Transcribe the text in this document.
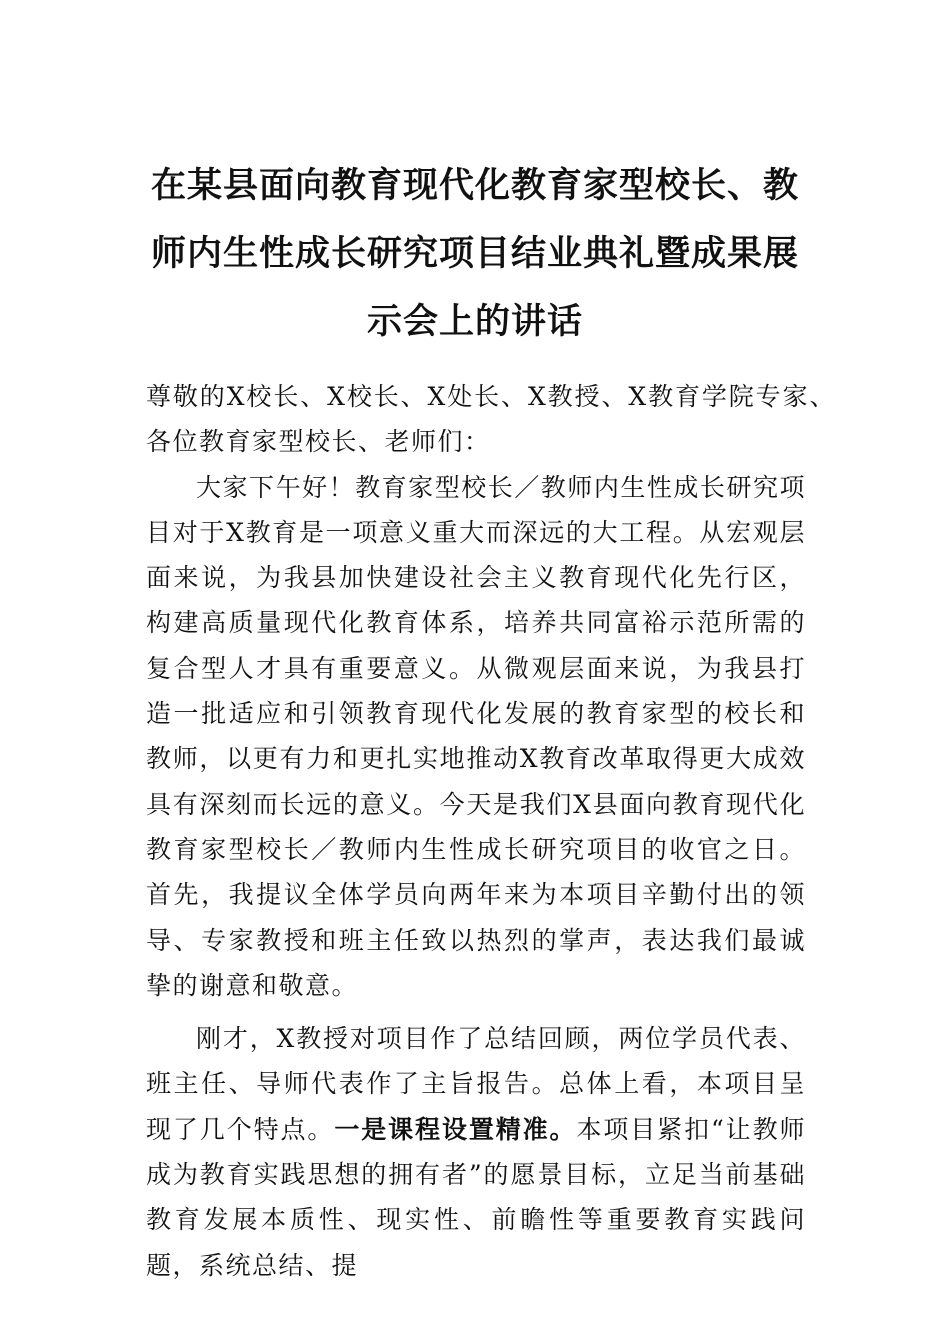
在某县面向教育现代化教育家型校长、教
师内生性成长研究项目结业典礼暨成果展
示会上的讲话

尊敬的X校长、X校长、X处长、X教授、X教育学院专家、各位教育家型校长、老师们：

大家下午好！教育家型校长／教师内生性成长研究项目对于X教育是一项意义重大而深远的大工程。从宏观层面来说，为我县加快建设社会主义教育现代化先行区，构建高质量现代化教育体系，培养共同富裕示范所需的复合型人才具有重要意义。从微观层面来说，为我县打造一批适应和引领教育现代化发展的教育家型的校长和教师，以更有力和更扎实地推动X教育改革取得更大成效具有深刻而长远的意义。今天是我们X县面向教育现代化教育家型校长／教师内生性成长研究项目的收官之日。首先，我提议全体学员向两年来为本项目辛勤付出的领导、专家教授和班主任致以热烈的掌声，表达我们最诚挚的谢意和敬意。

刚才，X教授对项目作了总结回顾，两位学员代表、班主任、导师代表作了主旨报告。总体上看，本项目呈现了几个特点。一是课程设置精准。本项目紧扣“让教师成为教育实践思想的拥有者”的愿景目标，立足当前基础教育发展本质性、现实性、前瞻性等重要教育实践问题，系统总结、提
